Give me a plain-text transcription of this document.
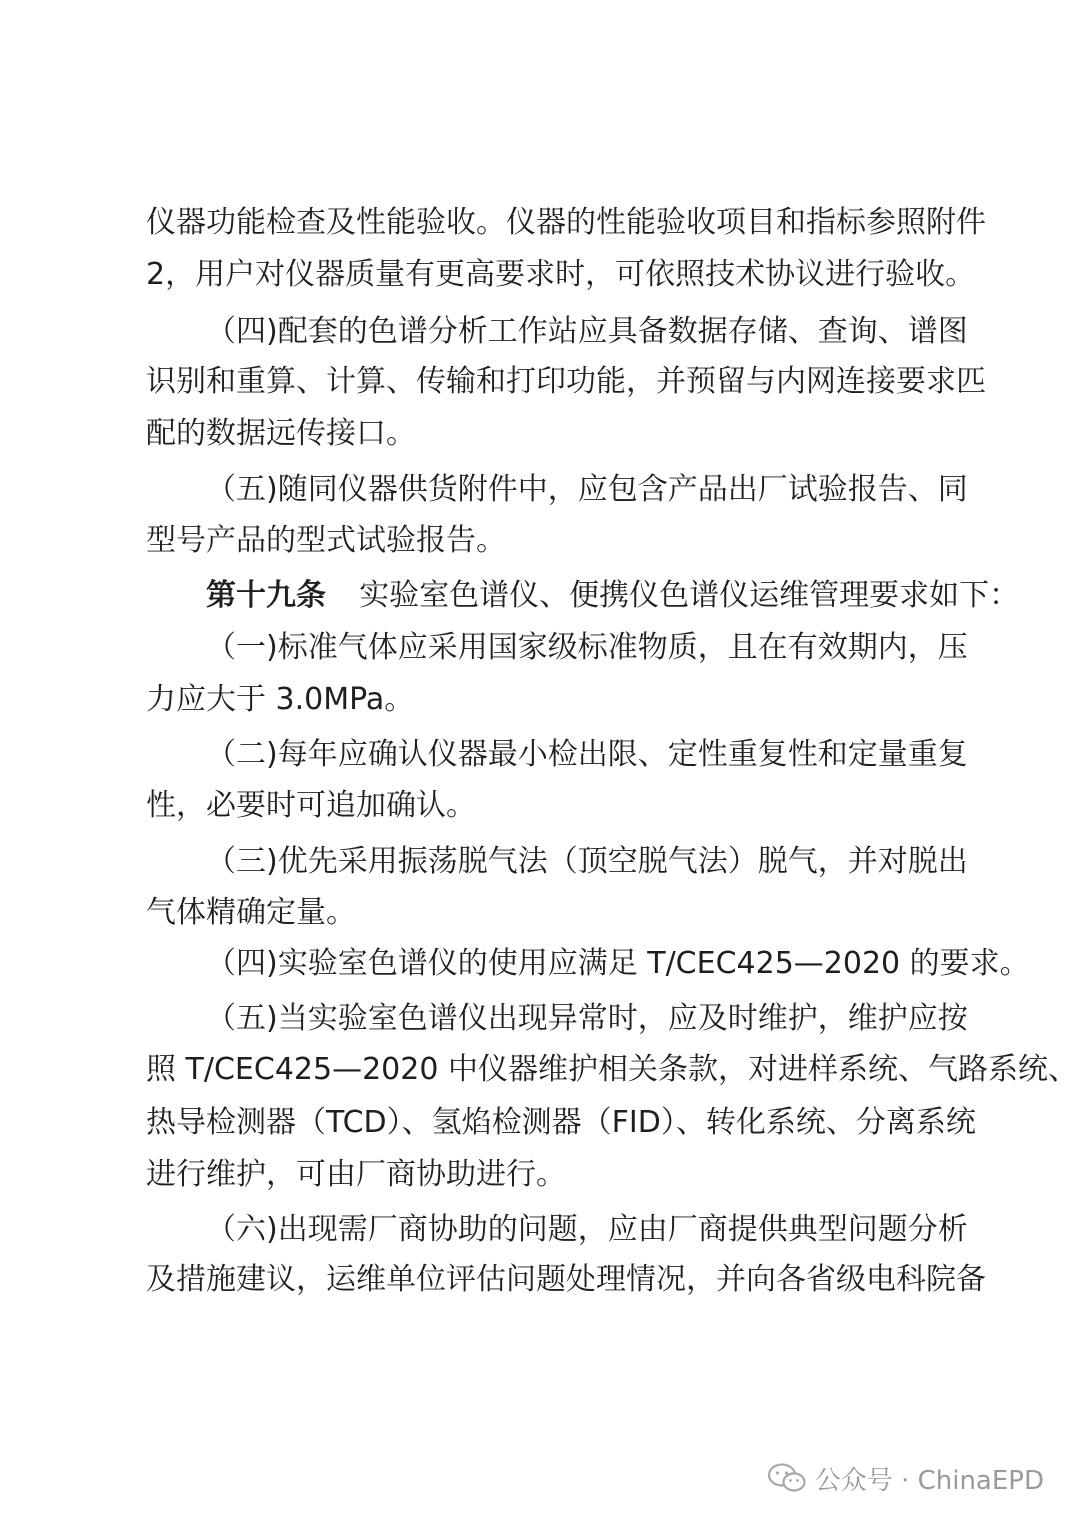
仪器功能检查及性能验收。仪器的性能验收项目和指标参照附件
2，用户对仪器质量有更高要求时，可依照技术协议进行验收。
（四)配套的色谱分析工作站应具备数据存储、查询、谱图
识别和重算、计算、传输和打印功能，并预留与内网连接要求匹
配的数据远传接口。
（五)随同仪器供货附件中，应包含产品出厂试验报告、同
型号产品的型式试验报告。
第十九条 实验室色谱仪、便携仪色谱仪运维管理要求如下：
（一)标准气体应采用国家级标准物质，且在有效期内，压
力应大于 3.0MPa。
（二)每年应确认仪器最小检出限、定性重复性和定量重复
性，必要时可追加确认。
（三)优先采用振荡脱气法（顶空脱气法）脱气，并对脱出
气体精确定量。
（四)实验室色谱仪的使用应满足 T/CEC425—2020 的要求。
（五)当实验室色谱仪出现异常时，应及时维护，维护应按
照 T/CEC425—2020 中仪器维护相关条款，对进样系统、气路系统、
热导检测器（TCD）、氢焰检测器（FID）、转化系统、分离系统
进行维护，可由厂商协助进行。
（六)出现需厂商协助的问题，应由厂商提供典型问题分析
及措施建议，运维单位评估问题处理情况，并向各省级电科院备
公众号 · ChinaEPD
